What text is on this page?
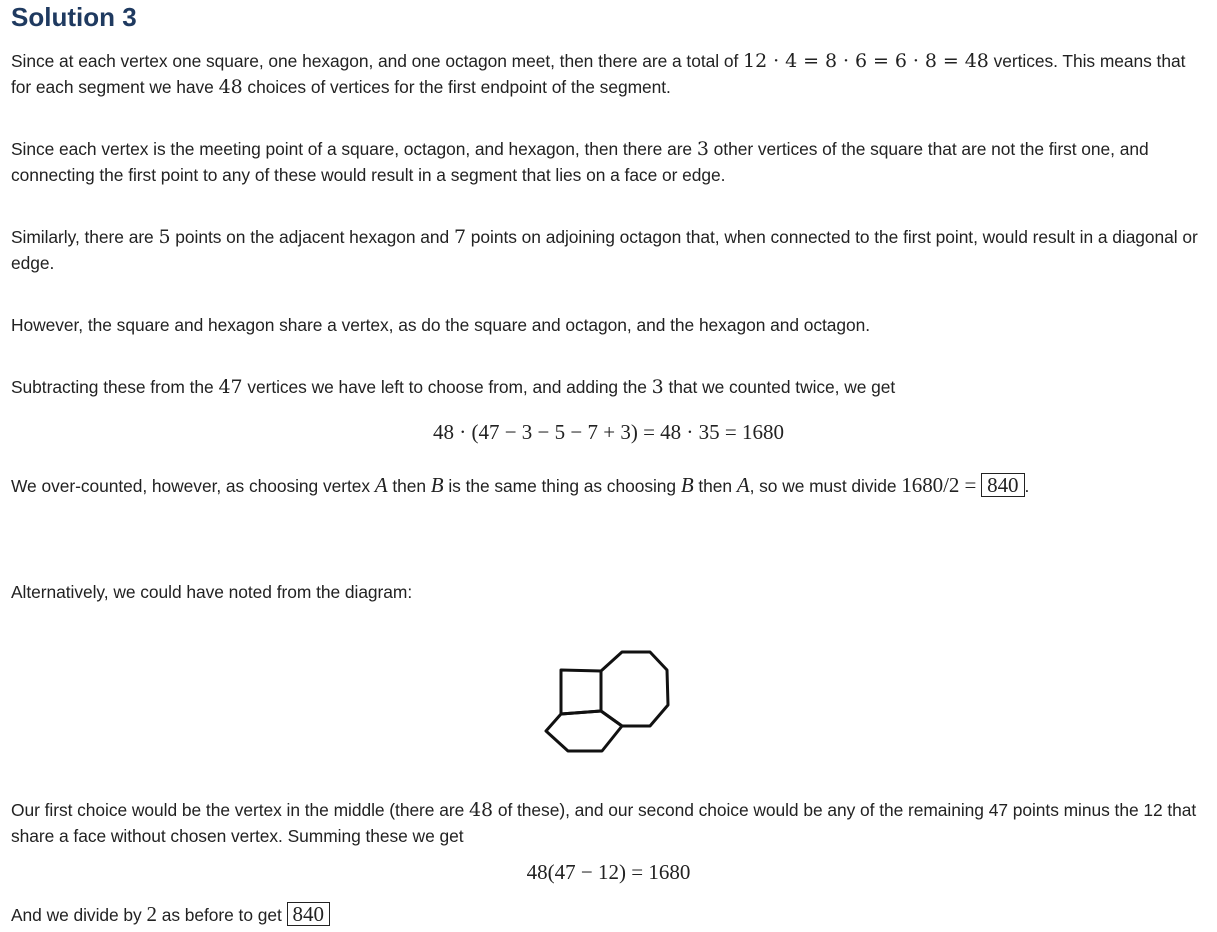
Solution 3

Since at each vertex one square, one hexagon, and one octagon meet, then there are a total of 12 · 4 = 8 · 6 = 6 · 8 = 48 vertices. This means that for each segment we have 48 choices of vertices for the first endpoint of the segment.

Since each vertex is the meeting point of a square, octagon, and hexagon, then there are 3 other vertices of the square that are not the first one, and connecting the first point to any of these would result in a segment that lies on a face or edge.

Similarly, there are 5 points on the adjacent hexagon and 7 points on adjoining octagon that, when connected to the first point, would result in a diagonal or edge.

However, the square and hexagon share a vertex, as do the square and octagon, and the hexagon and octagon.

Subtracting these from the 47 vertices we have left to choose from, and adding the 3 that we counted twice, we get

48 · (47 − 3 − 5 − 7 + 3) = 48 · 35 = 1680

We over-counted, however, as choosing vertex A then B is the same thing as choosing B then A, so we must divide 1680/2 = 840 .

Alternatively, we could have noted from the diagram:

Our first choice would be the vertex in the middle (there are 48 of these), and our second choice would be any of the remaining 47 points minus the 12 that share a face without chosen vertex. Summing these we get

48(47 − 12) = 1680

And we divide by 2 as before to get 840
